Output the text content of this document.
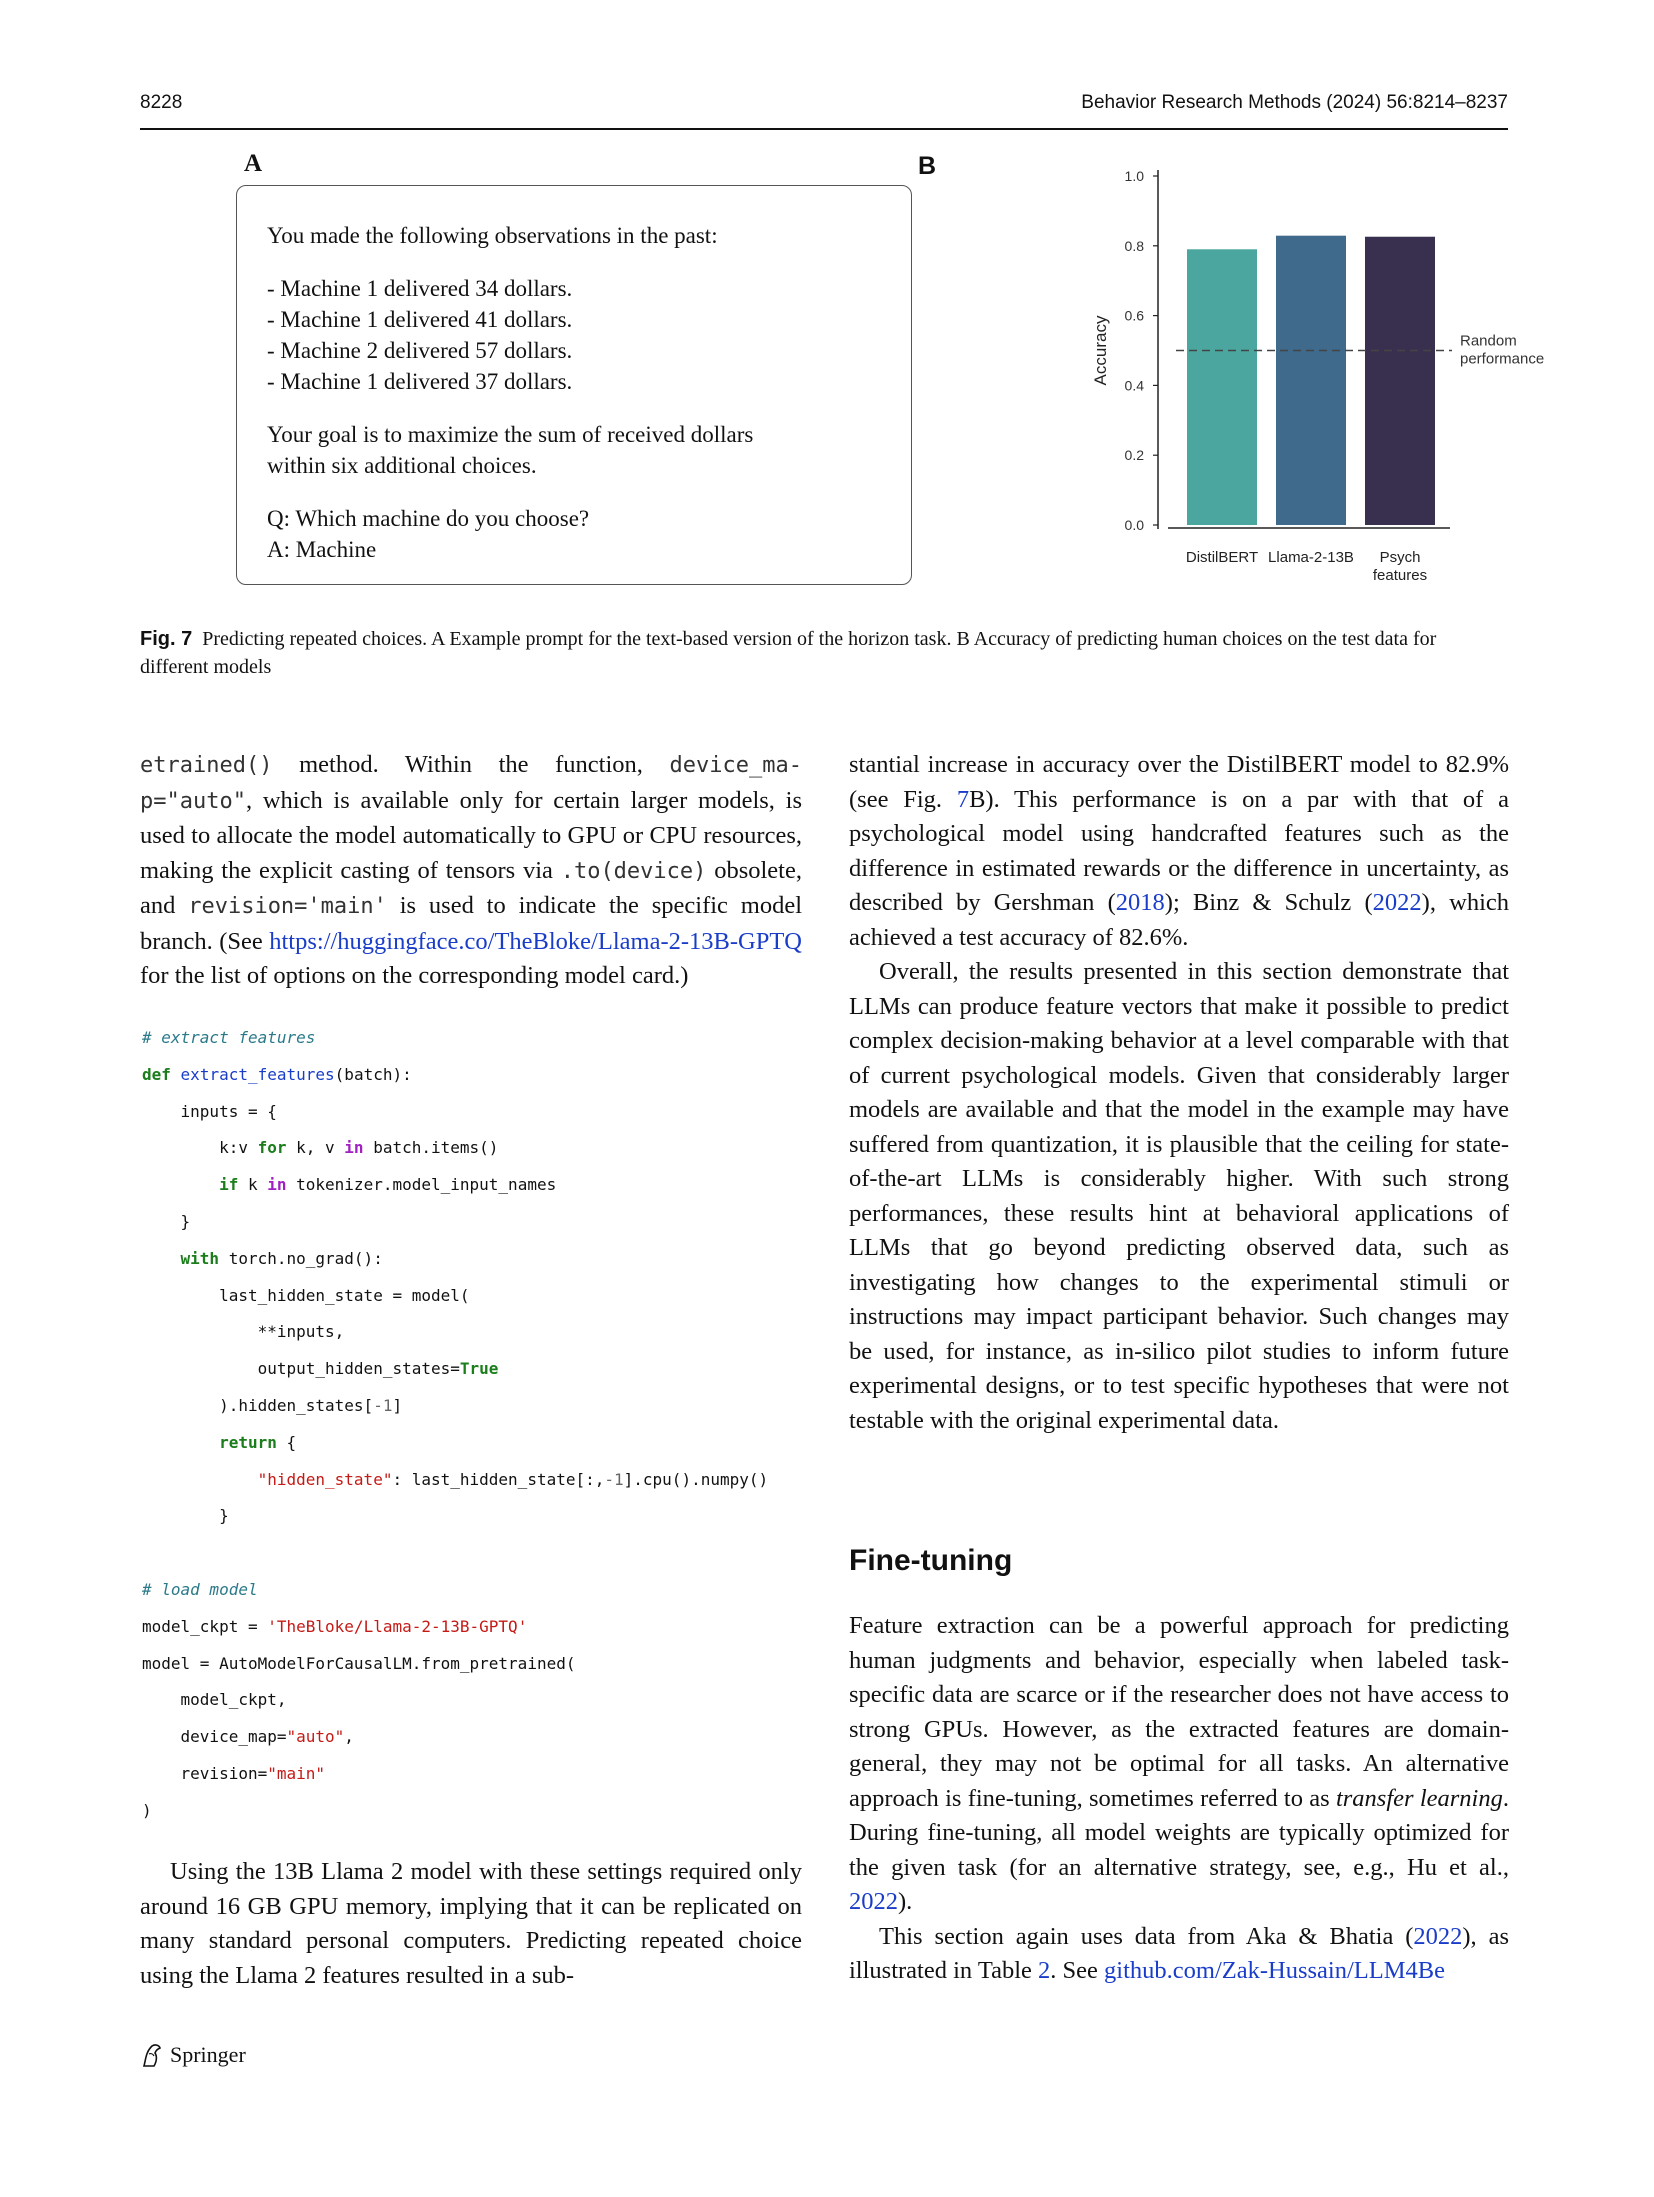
8228	Behavior Research Methods (2024) 56:8214–8237
A

You made the following observations in the past:

- Machine 1 delivered 34 dollars.
- Machine 1 delivered 41 dollars.
- Machine 2 delivered 57 dollars.
- Machine 1 delivered 37 dollars.

Your goal is to maximize the sum of received dollars
within six additional choices.

Q: Which machine do you choose?
A: Machine

B
0.0
0.2
0.4
0.6
0.8
1.0
Accuracy
DistilBERT Llama-2-13B Psych
features
Random
performance
Fig. 7 Predicting repeated choices. A Example prompt for the text-based version of the horizon task. B Accuracy of predicting human choices on the test data for different models

etrained() method. Within the function, device_ma-p="auto", which is available only for certain larger models, is used to allocate the model automatically to GPU or CPU resources, making the explicit casting of tensors via .to(device) obsolete, and revision='main' is used to indicate the specific model branch. (See https://huggingface.co/TheBloke/Llama-2-13B-GPTQ for the list of options on the corresponding model card.)

# extract features
def extract_features(batch):
inputs = {
k:v for k, v in batch.items()
if k in tokenizer.model_input_names
}
with torch.no_grad():
last_hidden_state = model(
**inputs,
output_hidden_states=True
).hidden_states[-1]
return {
"hidden_state": last_hidden_state[:,-1].cpu().numpy()
}

# load model
model_ckpt = 'TheBloke/Llama-2-13B-GPTQ'
model = AutoModelForCausalLM.from_pretrained(
model_ckpt,
device_map="auto",
revision="main"
)

Using the 13B Llama 2 model with these settings required only around 16 GB GPU memory, implying that it can be replicated on many standard personal computers. Predicting repeated choice using the Llama 2 features resulted in a sub-

stantial increase in accuracy over the DistilBERT model to 82.9% (see Fig. 7B). This performance is on a par with that of a psychological model using handcrafted features such as the difference in estimated rewards or the difference in uncertainty, as described by Gershman (2018); Binz & Schulz (2022), which achieved a test accuracy of 82.6%.

Overall, the results presented in this section demonstrate that LLMs can produce feature vectors that make it possible to predict complex decision-making behavior at a level comparable with that of current psychological models. Given that considerably larger models are available and that the model in the example may have suffered from quantization, it is plausible that the ceiling for state-of-the-art LLMs is considerably higher. With such strong performances, these results hint at behavioral applications of LLMs that go beyond predicting observed data, such as investigating how changes to the experimental stimuli or instructions may impact participant behavior. Such changes may be used, for instance, as in-silico pilot studies to inform future experimental designs, or to test specific hypotheses that were not testable with the original experimental data.

Fine-tuning

Feature extraction can be a powerful approach for predicting human judgments and behavior, especially when labeled task-specific data are scarce or if the researcher does not have access to strong GPUs. However, as the extracted features are domain-general, they may not be optimal for all tasks. An alternative approach is fine-tuning, sometimes referred to as transfer learning. During fine-tuning, all model weights are typically optimized for the given task (for an alternative strategy, see, e.g., Hu et al., 2022).

This section again uses data from Aka & Bhatia (2022), as illustrated in Table 2. See github.com/Zak-Hussain/LLM4Be

Springer
